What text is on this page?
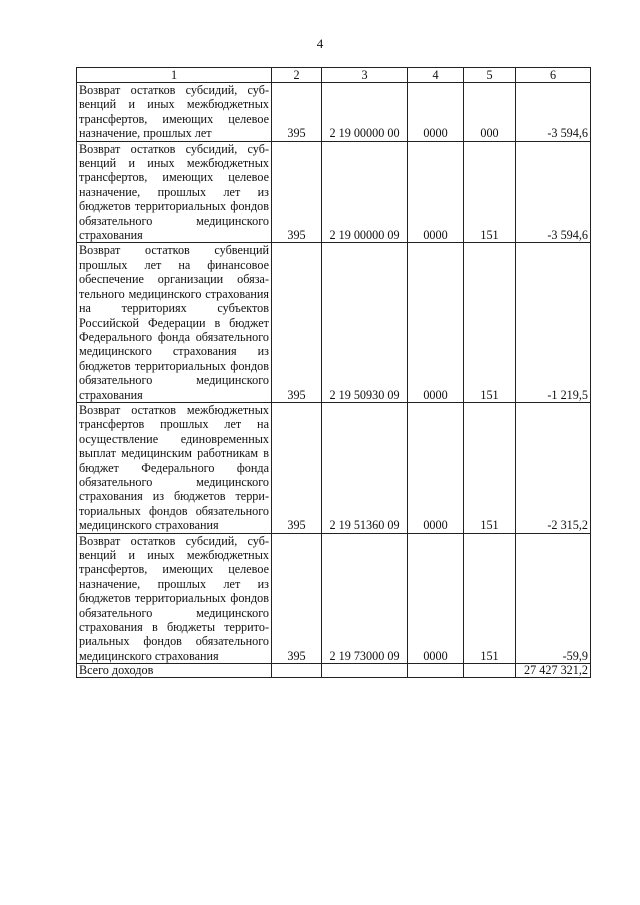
4
1	2	3	4	5	6
Возврат остатков субсидий, субвенций и иных межбюджетных трансфертов, имеющих целевое назначение, прошлых лет	395	2 19 00000 00	0000	000	-3 594,6
Возврат остатков субсидий, субвенций и иных межбюджетных трансфертов, имеющих целевое назначение, прошлых лет из бюджетов территориальных фондов обязательного медицинского страхования	395	2 19 00000 09	0000	151	-3 594,6
Возврат остатков субвенций прошлых лет на финансовое обеспечение организации обязательного медицинского страхования на территориях субъектов Российской Федерации в бюджет Федерального фонда обязательного медицинского страхования из бюджетов территориальных фондов обязательного медицинского страхования	395	2 19 50930 09	0000	151	-1 219,5
Возврат остатков межбюджетных трансфертов прошлых лет на осуществление единовременных выплат медицинским работникам в бюджет Федерального фонда обязательного медицинского страхования из бюджетов территориальных фондов обязательного медицинского страхования	395	2 19 51360 09	0000	151	-2 315,2
Возврат остатков субсидий, субвенций и иных межбюджетных трансфертов, имеющих целевое назначение, прошлых лет из бюджетов территориальных фондов обязательного медицинского страхования в бюджеты территориальных фондов обязательного медицинского страхования	395	2 19 73000 09	0000	151	-59,9
Всего доходов					27 427 321,2
